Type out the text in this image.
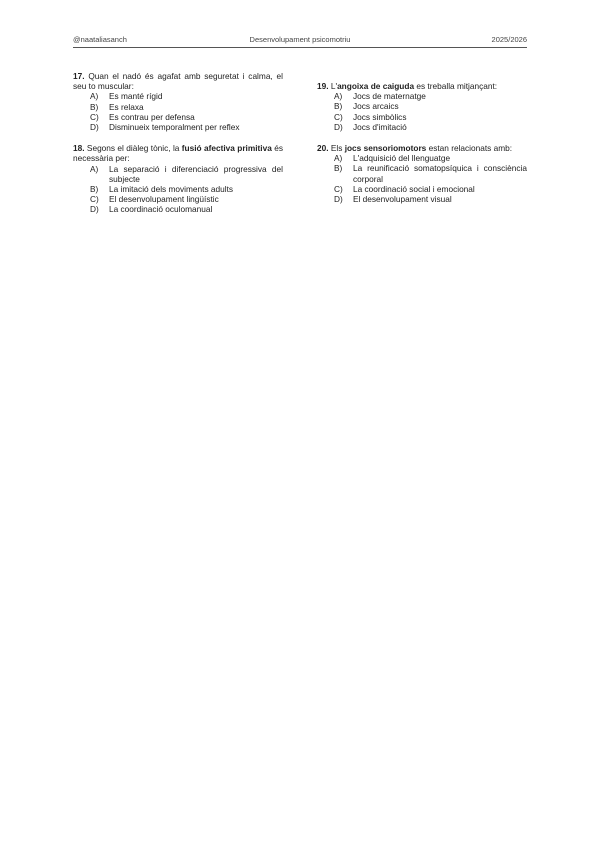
@naataliasanch	Desenvolupament psicomotriu	2025/2026
17. Quan el nadó és agafat amb seguretat i calma, el seu to muscular:
A)	Es manté rígid
B)	Es relaxa
C)	Es contrau per defensa
D)	Disminueix temporalment per reflex
18. Segons el diàleg tònic, la fusió afectiva primitiva és necessària per:
A)	La separació i diferenciació progressiva del subjecte
B)	La imitació dels moviments adults
C)	El desenvolupament lingüístic
D)	La coordinació oculomanual
19. L'angoixa de caiguda es treballa mitjançant:
A)	Jocs de maternatge
B)	Jocs arcaics
C)	Jocs simbòlics
D)	Jocs d'imitació
20. Els jocs sensoriomotors estan relacionats amb:
A)	L'adquisició del llenguatge
B)	La reunificació somatopsíquica i consciència corporal
C)	La coordinació social i emocional
D)	El desenvolupament visual
